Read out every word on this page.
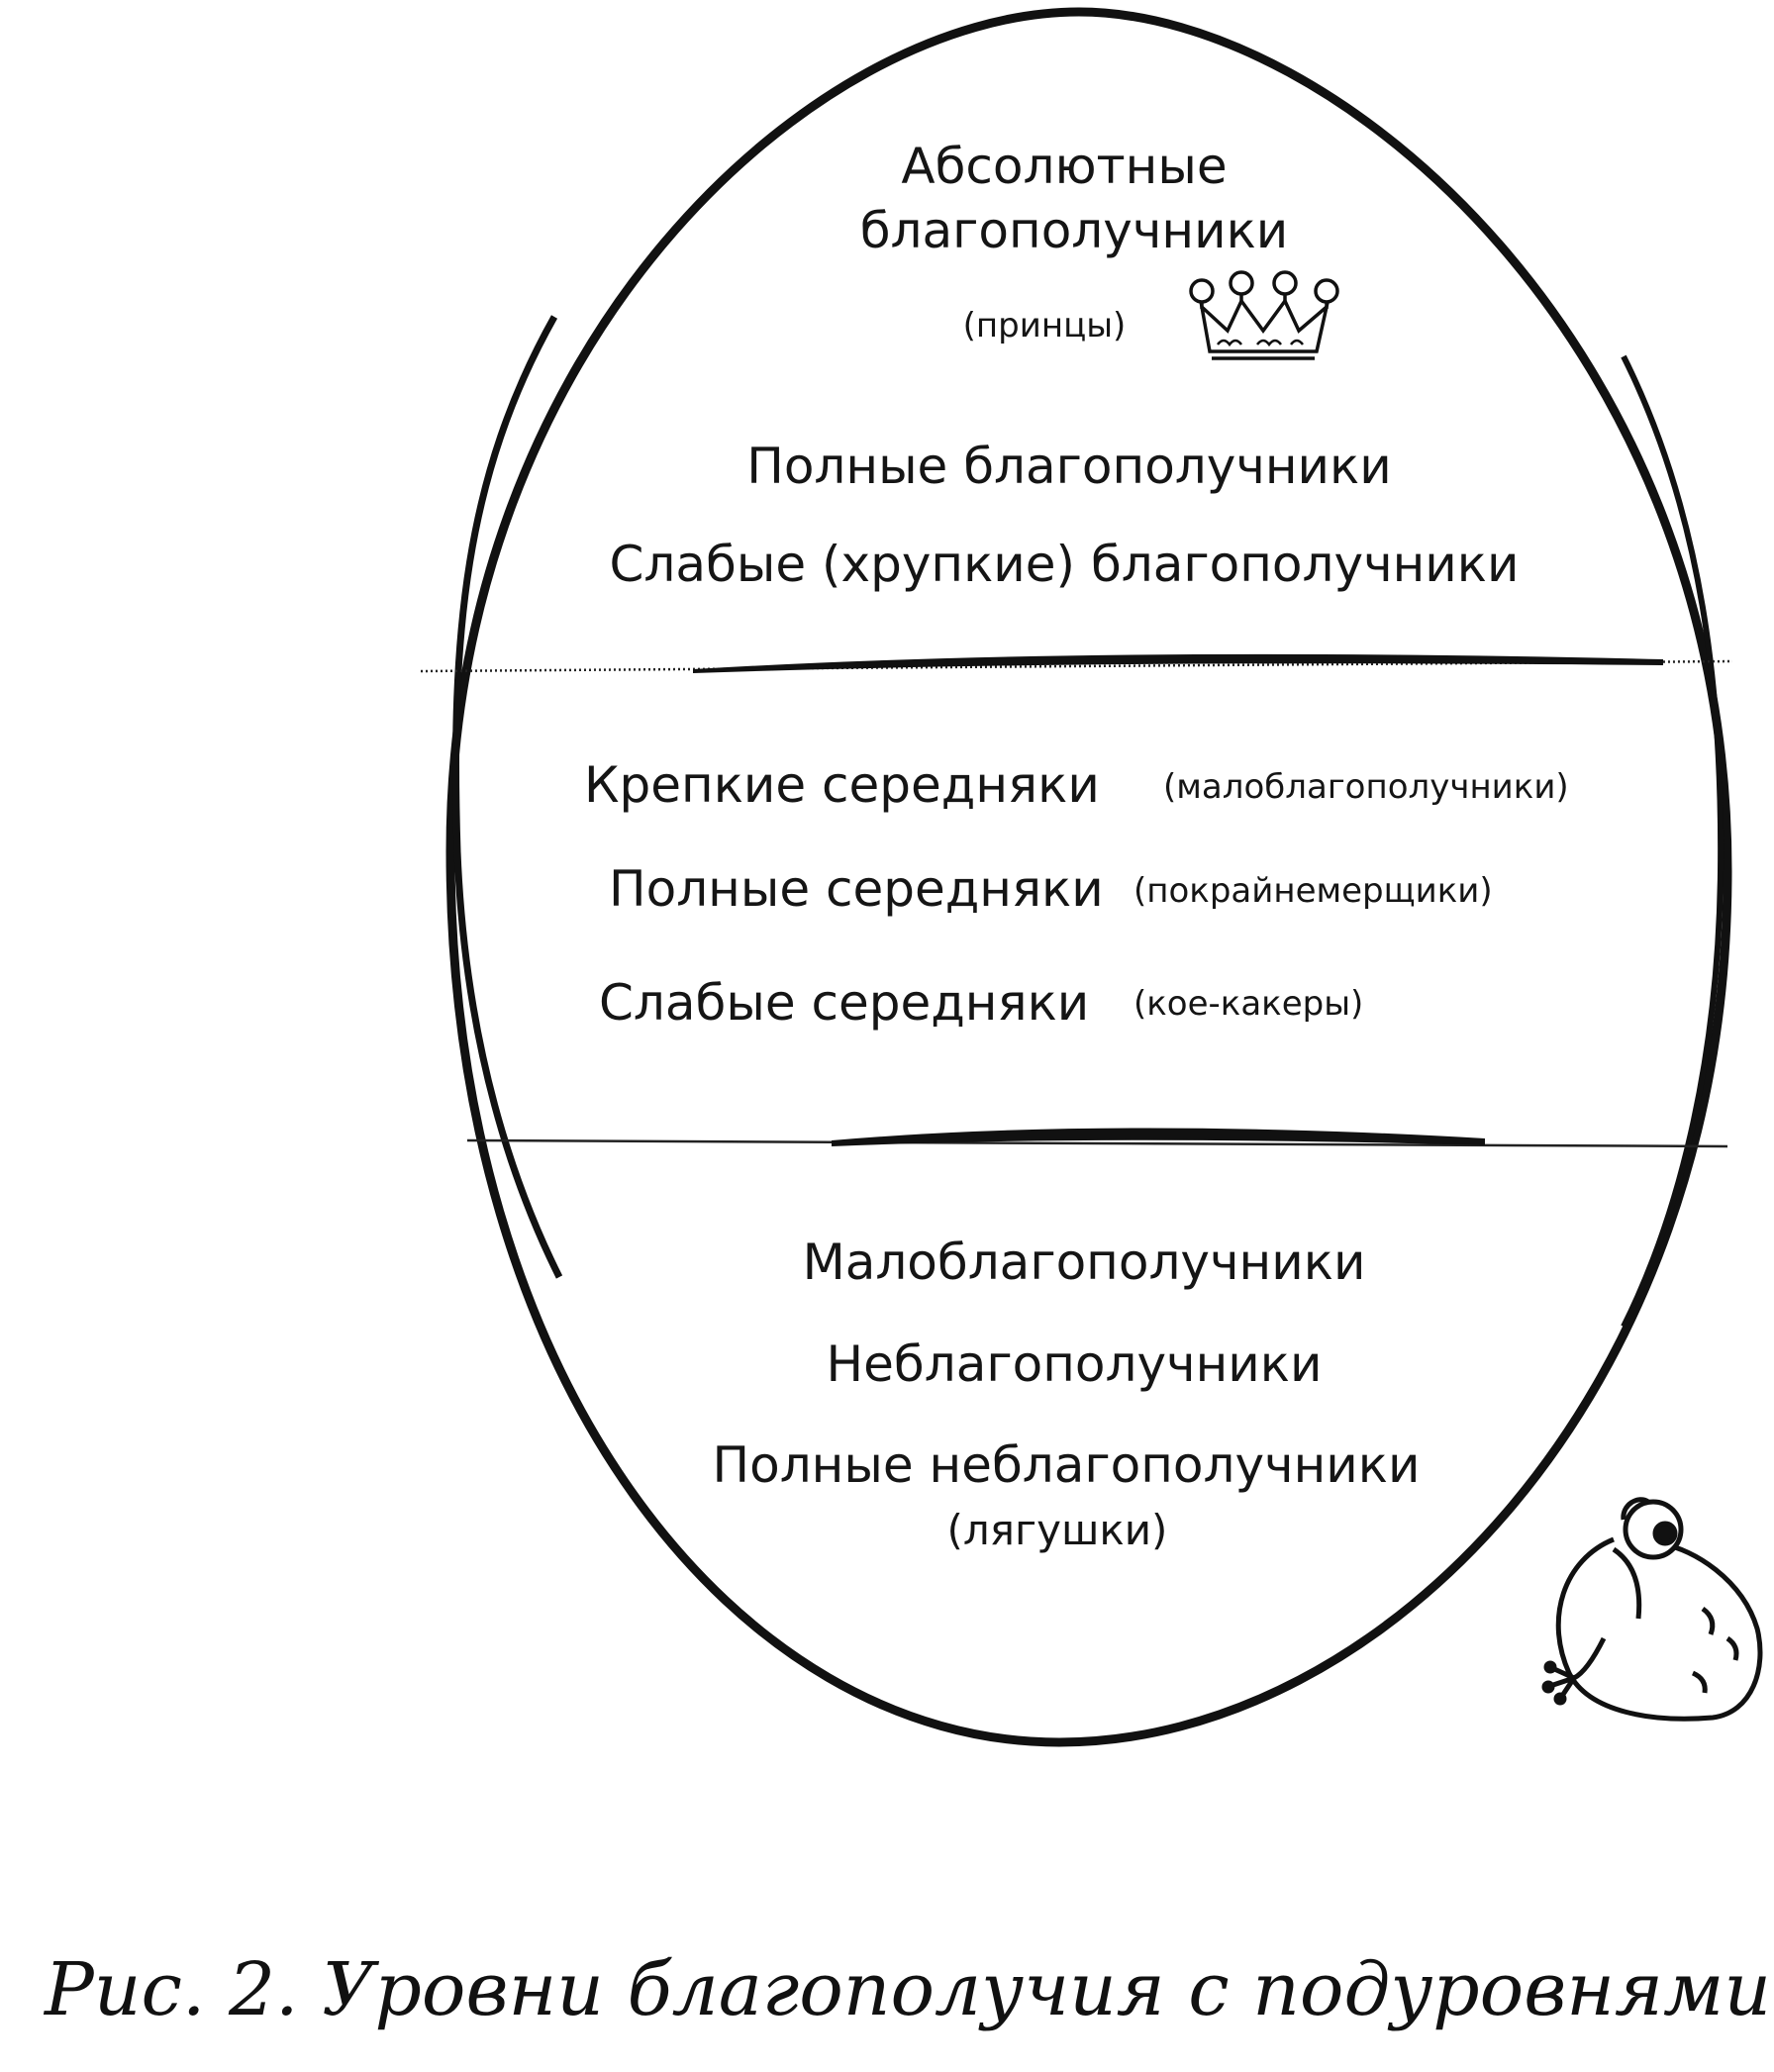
Абсолютные
благополучники
(принцы)
Полные благополучники
Слабые (хрупкие) благополучники
Крепкие середняки (малоблагополучники)
Полные середняки (покрайнемерщики)
Слабые середняки (кое-какеры)
Малоблагополучники
Неблагополучники
Полные неблагополучники
(лягушки)
Рис. 2. Уровни благополучия с подуровнями
